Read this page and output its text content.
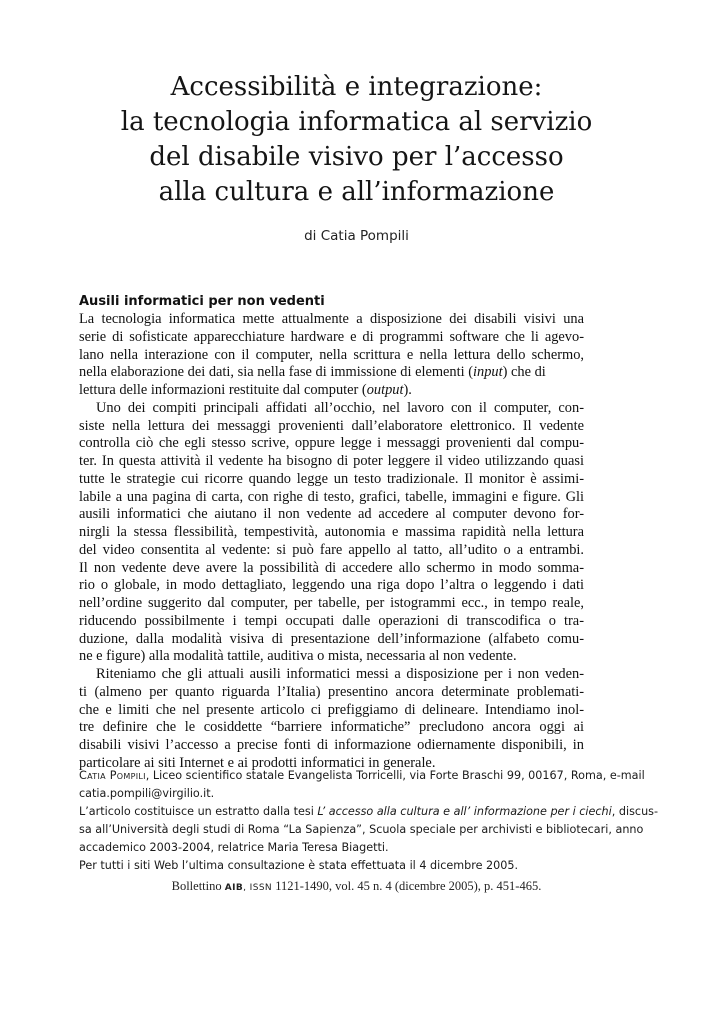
Accessibilità e integrazione:
la tecnologia informatica al servizio
del disabile visivo per l’accesso
alla cultura e all’informazione
di Catia Pompili
Ausili informatici per non vedenti
La tecnologia informatica mette attualmente a disposizione dei disabili visivi una
serie di sofisticate apparecchiature hardware e di programmi software che li agevo-
lano nella interazione con il computer, nella scrittura e nella lettura dello schermo,
nella elaborazione dei dati, sia nella fase di immissione di elementi (input) che di
lettura delle informazioni restituite dal computer (output).
Uno dei compiti principali affidati all’occhio, nel lavoro con il computer, con-
siste nella lettura dei messaggi provenienti dall’elaboratore elettronico. Il vedente
controlla ciò che egli stesso scrive, oppure legge i messaggi provenienti dal compu-
ter. In questa attività il vedente ha bisogno di poter leggere il video utilizzando quasi
tutte le strategie cui ricorre quando legge un testo tradizionale. Il monitor è assimi-
labile a una pagina di carta, con righe di testo, grafici, tabelle, immagini e figure. Gli
ausili informatici che aiutano il non vedente ad accedere al computer devono for-
nirgli la stessa flessibilità, tempestività, autonomia e massima rapidità nella lettura
del video consentita al vedente: si può fare appello al tatto, all’udito o a entrambi.
Il non vedente deve avere la possibilità di accedere allo schermo in modo somma-
rio o globale, in modo dettagliato, leggendo una riga dopo l’altra o leggendo i dati
nell’ordine suggerito dal computer, per tabelle, per istogrammi ecc., in tempo reale,
riducendo possibilmente i tempi occupati dalle operazioni di transcodifica o tra-
duzione, dalla modalità visiva di presentazione dell’informazione (alfabeto comu-
ne e figure) alla modalità tattile, auditiva o mista, necessaria al non vedente.
Riteniamo che gli attuali ausili informatici messi a disposizione per i non veden-
ti (almeno per quanto riguarda l’Italia) presentino ancora determinate problemati-
che e limiti che nel presente articolo ci prefiggiamo di delineare. Intendiamo inol-
tre definire che le cosiddette “barriere informatiche” precludono ancora oggi ai
disabili visivi l’accesso a precise fonti di informazione odiernamente disponibili, in
particolare ai siti Internet e ai prodotti informatici in generale.
Catia Pompili, Liceo scientifico statale Evangelista Torricelli, via Forte Braschi 99, 00167, Roma, e-mail
catia.pompili@virgilio.it.
L’articolo costituisce un estratto dalla tesi L’ accesso alla cultura e all’ informazione per i ciechi, discus-
sa all’Università degli studi di Roma “La Sapienza”, Scuola speciale per archivisti e bibliotecari, anno
accademico 2003-2004, relatrice Maria Teresa Biagetti.
Per tutti i siti Web l’ultima consultazione è stata effettuata il 4 dicembre 2005.
Bollettino AIB, ISSN 1121-1490, vol. 45 n. 4 (dicembre 2005), p. 451-465.
